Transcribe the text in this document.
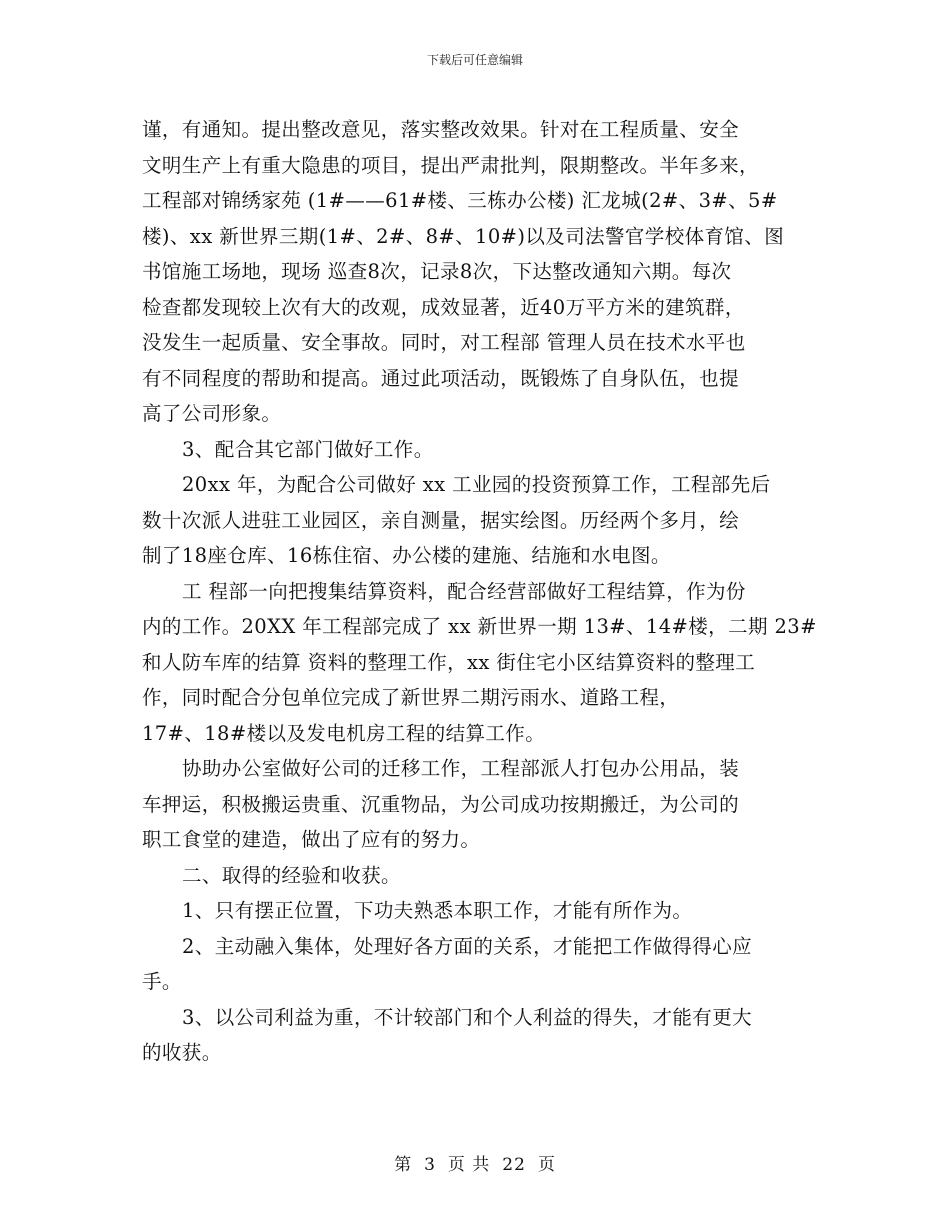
下载后可任意编辑

谨，有通知。提出整改意见，落实整改效果。针对在工程质量、安全
文明生产上有重大隐患的项目，提出严肃批判，限期整改。半年多来，
工程部对锦绣家苑 (1#——61#楼、三栋办公楼) 汇龙城(2#、3#、5#
楼)、xx 新世界三期(1#、2#、8#、10#)以及司法警官学校体育馆、图
书馆施工场地，现场 巡查8次，记录8次，下达整改通知六期。每次
检查都发现较上次有大的改观，成效显著，近40万平方米的建筑群，
没发生一起质量、安全事故。同时，对工程部 管理人员在技术水平也
有不同程度的帮助和提高。通过此项活动，既锻炼了自身队伍，也提
高了公司形象。

3、配合其它部门做好工作。

20xx 年，为配合公司做好 xx 工业园的投资预算工作，工程部先后
数十次派人进驻工业园区，亲自测量，据实绘图。历经两个多月，绘
制了18座仓库、16栋住宿、办公楼的建施、结施和水电图。

工 程部一向把搜集结算资料，配合经营部做好工程结算，作为份
内的工作。20XX 年工程部完成了 xx 新世界一期 13#、14#楼，二期 23#
和人防车库的结算 资料的整理工作，xx 街住宅小区结算资料的整理工
作，同时配合分包单位完成了新世界二期污雨水、道路工程，
17#、18#楼以及发电机房工程的结算工作。

协助办公室做好公司的迁移工作，工程部派人打包办公用品，装
车押运，积极搬运贵重、沉重物品，为公司成功按期搬迁，为公司的
职工食堂的建造，做出了应有的努力。

二、取得的经验和收获。

1、只有摆正位置，下功夫熟悉本职工作，才能有所作为。

2、主动融入集体，处理好各方面的关系，才能把工作做得得心应
手。

3、以公司利益为重，不计较部门和个人利益的得失，才能有更大
的收获。

第 3 页 共 22 页
